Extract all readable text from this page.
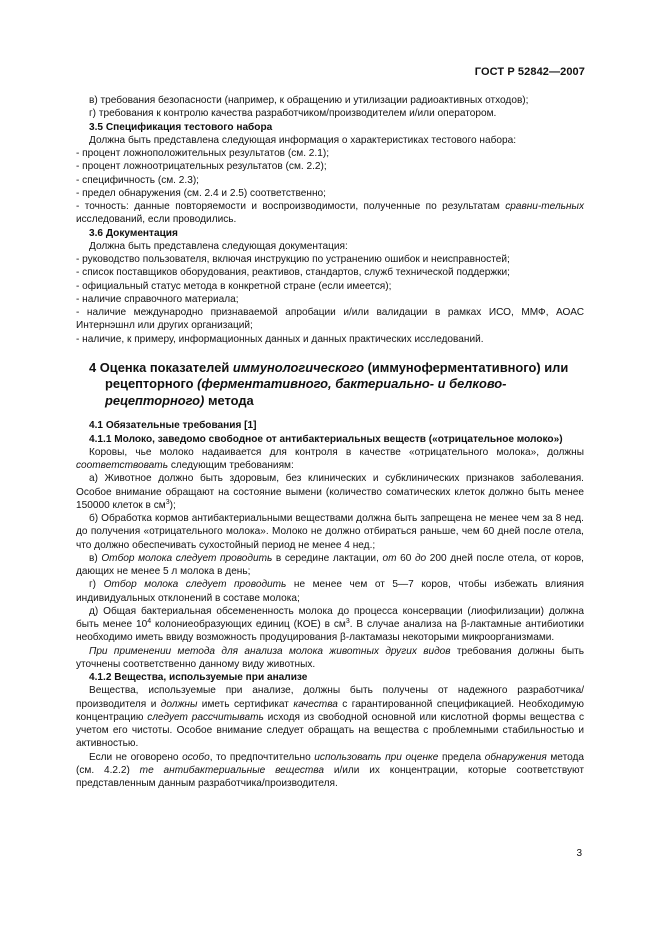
ГОСТ Р 52842—2007

в) требования безопасности (например, к обращению и утилизации радиоактивных отходов);

г) требования к контролю качества разработчиком/производителем и/или оператором.

3.5 Спецификация тестового набора

Должна быть представлена следующая информация о характеристиках тестового набора:

- процент ложноположительных результатов (см. 2.1);

- процент ложноотрицательных результатов (см. 2.2);

- специфичность (см. 2.3);

- предел обнаружения (см. 2.4 и 2.5) соответственно;

- точность: данные повторяемости и воспроизводимости, полученные по результатам сравни-тельных исследований, если проводились.

3.6 Документация

Должна быть представлена следующая документация:

- руководство пользователя, включая инструкцию по устранению ошибок и неисправностей;

- список поставщиков оборудования, реактивов, стандартов, служб технической поддержки;

- официальный статус метода в конкретной стране (если имеется);

- наличие справочного материала;

- наличие международно признаваемой апробации и/или валидации в рамках ИСО, ММФ, АОАС Интернэшнл или других организаций;

- наличие, к примеру, информационных данных и данных практических исследований.

4 Оценка показателей иммунологического (иммуноферментативного) или рецепторного (ферментативного, бактериально- и белково-рецепторного) метода

4.1 Обязательные требования [1]

4.1.1 Молоко, заведомо свободное от антибактериальных веществ («отрицательное молоко»)

Коровы, чье молоко надаивается для контроля в качестве «отрицательного молока», должны соответствовать следующим требованиям:

а) Животное должно быть здоровым, без клинических и субклинических признаков заболевания. Особое внимание обращают на состояние вымени (количество соматических клеток должно быть менее 150000 клеток в $см^3$);

б) Обработка кормов антибактериальными веществами должна быть запрещена не менее чем за 8 нед. до получения «отрицательного молока». Молоко не должно отбираться раньше, чем 60 дней после отела, что должно обеспечивать сухостойный период не менее 4 нед.;

в) Отбор молока следует проводить в середине лактации, от 60 до 200 дней после отела, от коров, дающих не менее 5 л молока в день;

г) Отбор молока следует проводить не менее чем от 5—7 коров, чтобы избежать влияния индивидуальных отклонений в составе молока;

д) Общая бактериальная обсемененность молока до процесса консервации (лиофилизации) должна быть менее $10^4$ колониеобразующих единиц (КОЕ) в $см^3$. В случае анализа на β-лактамные антибиотики необходимо иметь ввиду возможность продуцирования β-лактамазы некоторыми микроорганизмами.

При применении метода для анализа молока животных других видов требования должны быть уточнены соответственно данному виду животных.

4.1.2 Вещества, используемые при анализе

Вещества, используемые при анализе, должны быть получены от надежного разработчика/производителя и должны иметь сертификат качества с гарантированной спецификацией. Необходимую концентрацию следует рассчитывать исходя из свободной основной или кислотной формы вещества с учетом его чистоты. Особое внимание следует обращать на вещества с проблемными стабильностью и активностью.

Если не оговорено особо, то предпочтительно использовать при оценке предела обнаружения метода (см. 4.2.2) те антибактериальные вещества и/или их концентрации, которые соответствуют представленным данным разработчика/производителя.

3
